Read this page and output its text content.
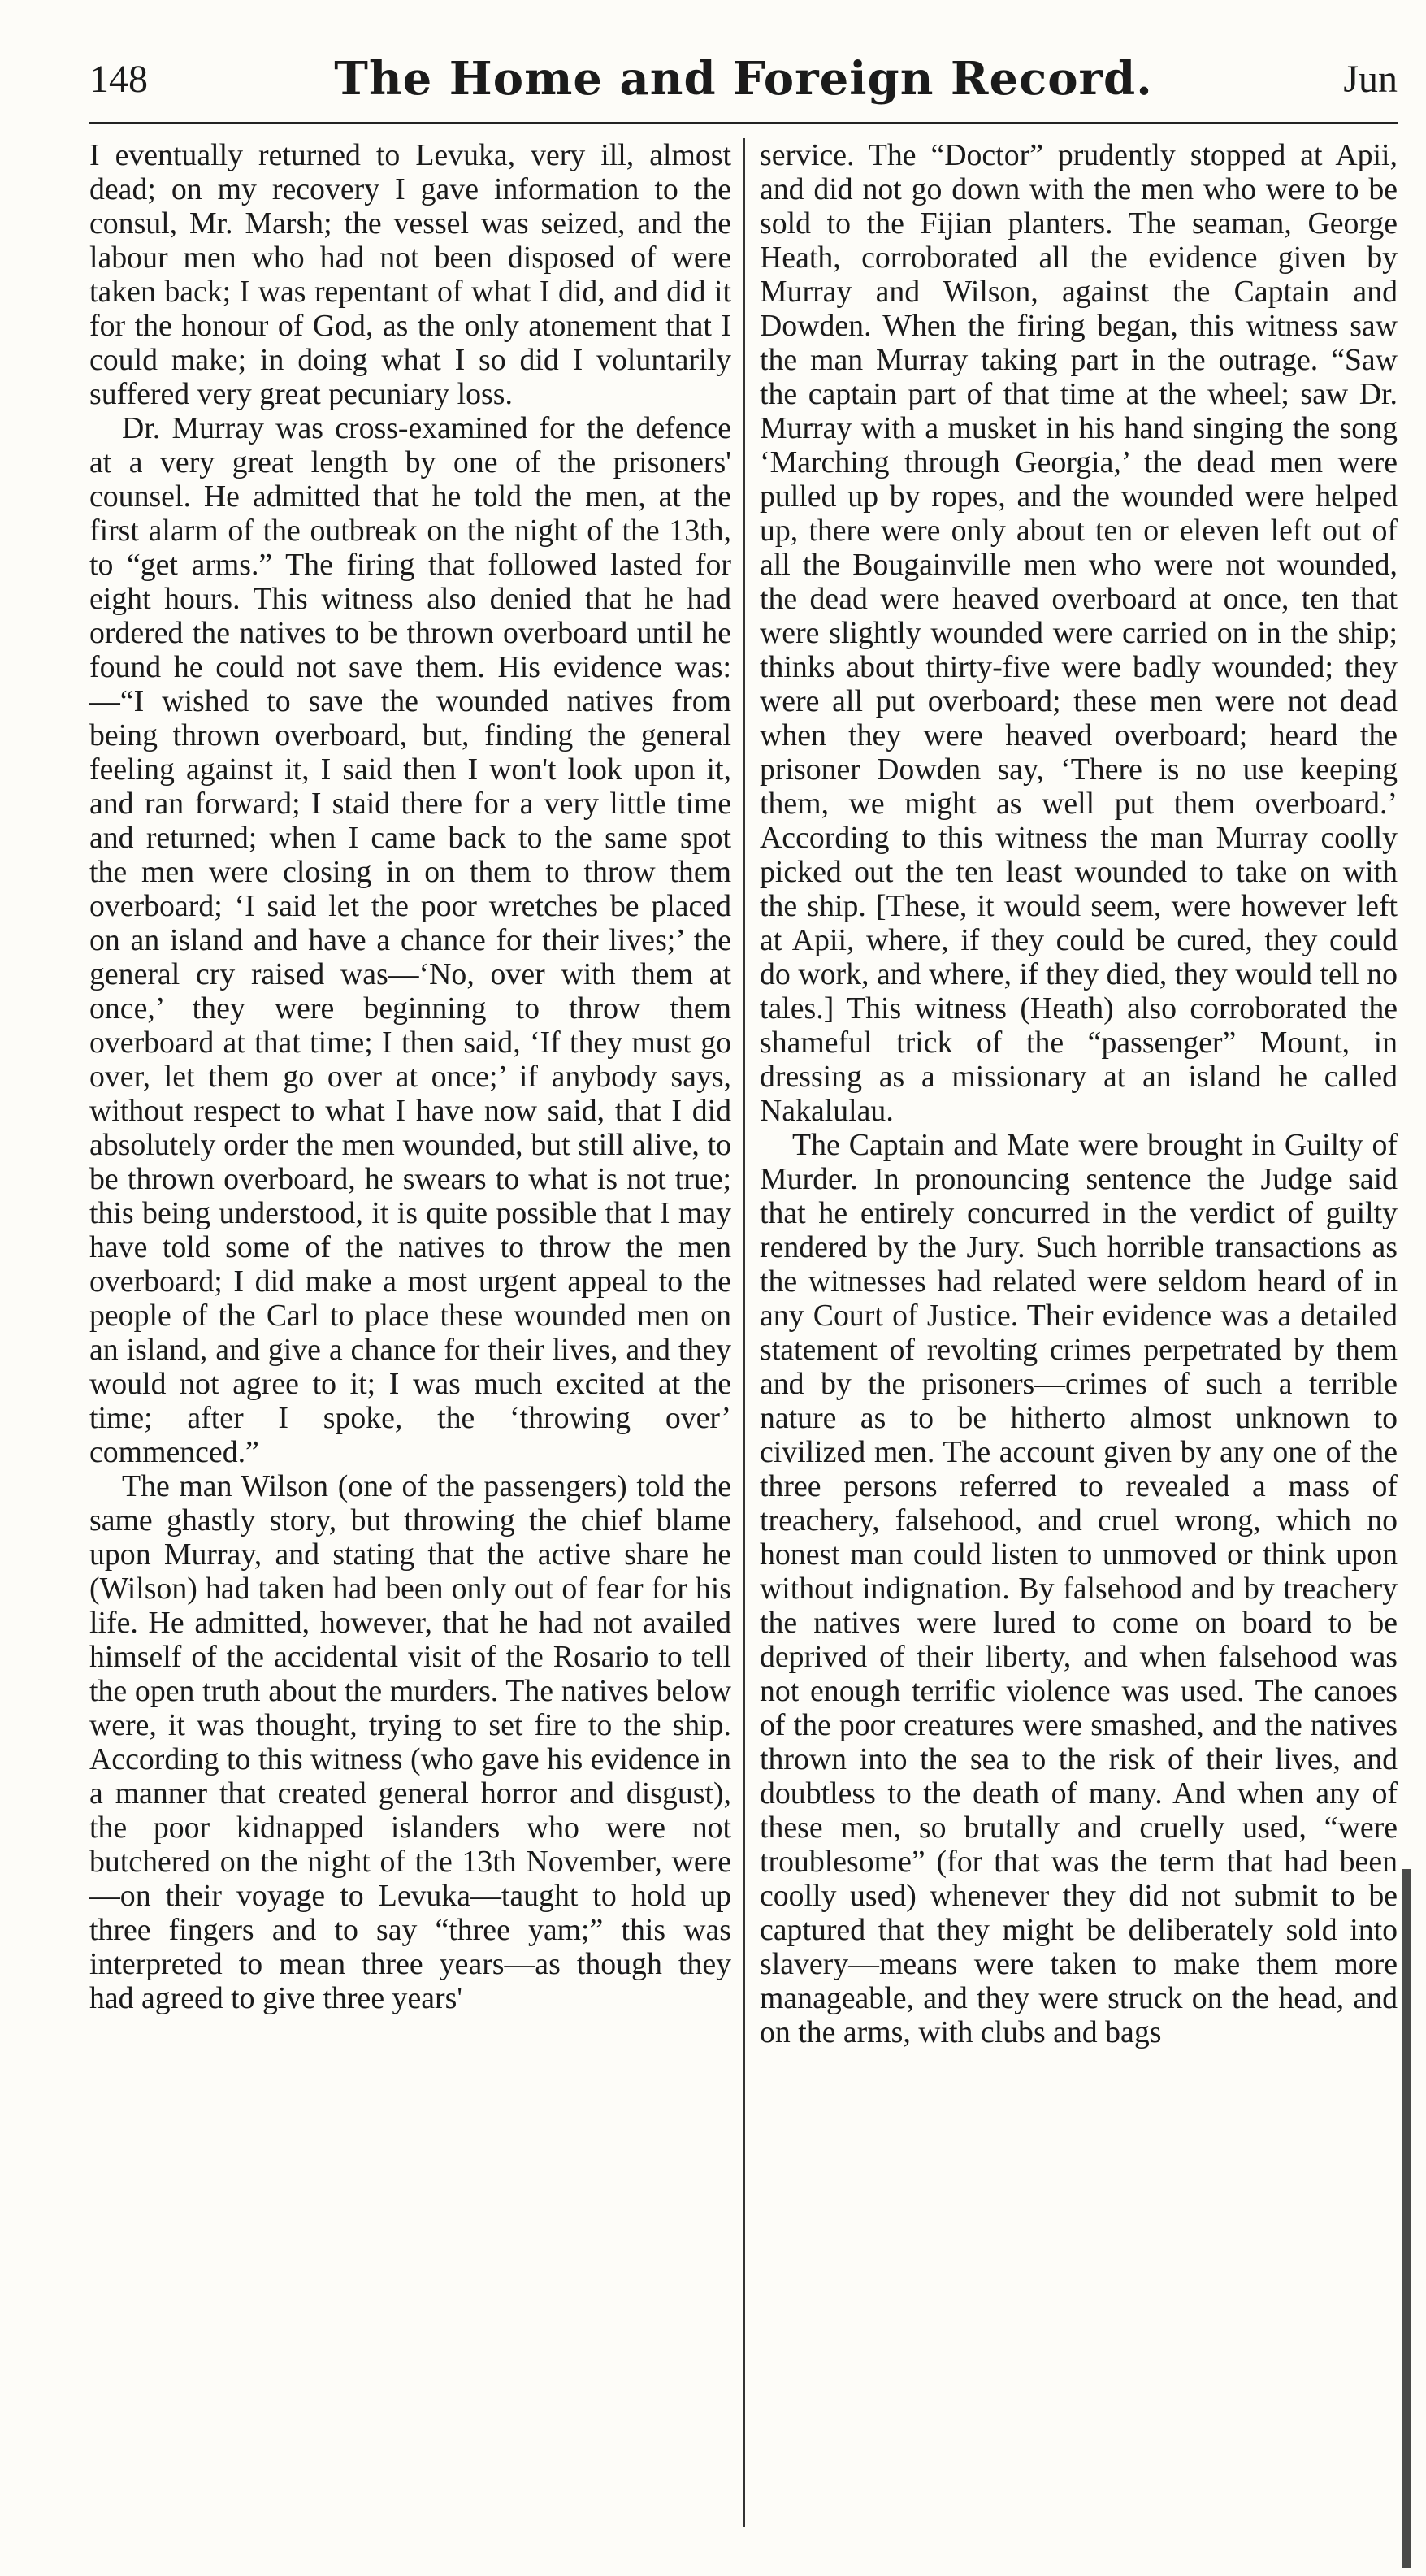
148	The Home and Foreign Record.	Jun

I eventually returned to Levuka, very ill, almost dead; on my recovery I gave information to the consul, Mr. Marsh; the vessel was seized, and the labour men who had not been disposed of were taken back; I was repentant of what I did, and did it for the honour of God, as the only atonement that I could make; in doing what I so did I voluntarily suffered very great pecuniary loss.

Dr. Murray was cross-examined for the defence at a very great length by one of the prisoners' counsel. He admitted that he told the men, at the first alarm of the outbreak on the night of the 13th, to “get arms.” The firing that followed lasted for eight hours. This witness also denied that he had ordered the natives to be thrown overboard until he found he could not save them. His evidence was:—“I wished to save the wounded natives from being thrown overboard, but, finding the general feeling against it, I said then I won't look upon it, and ran forward; I staid there for a very little time and returned; when I came back to the same spot the men were closing in on them to throw them overboard; ‘I said let the poor wretches be placed on an island and have a chance for their lives;’ the general cry raised was—‘No, over with them at once,’ they were beginning to throw them overboard at that time; I then said, ‘If they must go over, let them go over at once;’ if anybody says, without respect to what I have now said, that I did absolutely order the men wounded, but still alive, to be thrown overboard, he swears to what is not true; this being understood, it is quite possible that I may have told some of the natives to throw the men overboard; I did make a most urgent appeal to the people of the Carl to place these wounded men on an island, and give a chance for their lives, and they would not agree to it; I was much excited at the time; after I spoke, the ‘throwing over’ commenced.”

The man Wilson (one of the passengers) told the same ghastly story, but throwing the chief blame upon Murray, and stating that the active share he (Wilson) had taken had been only out of fear for his life. He admitted, however, that he had not availed himself of the accidental visit of the Rosario to tell the open truth about the murders. The natives below were, it was thought, trying to set fire to the ship. According to this witness (who gave his evidence in a manner that created general horror and disgust), the poor kidnapped islanders who were not butchered on the night of the 13th November, were—on their voyage to Levuka—taught to hold up three fingers and to say “three yam;” this was interpreted to mean three years—as though they had agreed to give three years'

service. The “Doctor” prudently stopped at Apii, and did not go down with the men who were to be sold to the Fijian planters. The seaman, George Heath, corroborated all the evidence given by Murray and Wilson, against the Captain and Dowden. When the firing began, this witness saw the man Murray taking part in the outrage. “Saw the captain part of that time at the wheel; saw Dr. Murray with a musket in his hand singing the song ‘Marching through Georgia,’ the dead men were pulled up by ropes, and the wounded were helped up, there were only about ten or eleven left out of all the Bougainville men who were not wounded, the dead were heaved overboard at once, ten that were slightly wounded were carried on in the ship; thinks about thirty-five were badly wounded; they were all put overboard; these men were not dead when they were heaved overboard; heard the prisoner Dowden say, ‘There is no use keeping them, we might as well put them overboard.’ According to this witness the man Murray coolly picked out the ten least wounded to take on with the ship. [These, it would seem, were however left at Apii, where, if they could be cured, they could do work, and where, if they died, they would tell no tales.] This witness (Heath) also corroborated the shameful trick of the “passenger” Mount, in dressing as a missionary at an island he called Nakalulau.

The Captain and Mate were brought in Guilty of Murder. In pronouncing sentence the Judge said that he entirely concurred in the verdict of guilty rendered by the Jury. Such horrible transactions as the witnesses had related were seldom heard of in any Court of Justice. Their evidence was a detailed statement of revolting crimes perpetrated by them and by the prisoners—crimes of such a terrible nature as to be hitherto almost unknown to civilized men. The account given by any one of the three persons referred to revealed a mass of treachery, falsehood, and cruel wrong, which no honest man could listen to unmoved or think upon without indignation. By falsehood and by treachery the natives were lured to come on board to be deprived of their liberty, and when falsehood was not enough terrific violence was used. The canoes of the poor creatures were smashed, and the natives thrown into the sea to the risk of their lives, and doubtless to the death of many. And when any of these men, so brutally and cruelly used, “were troublesome” (for that was the term that had been coolly used) whenever they did not submit to be captured that they might be deliberately sold into slavery—means were taken to make them more manageable, and they were struck on the head, and on the arms, with clubs and bags
